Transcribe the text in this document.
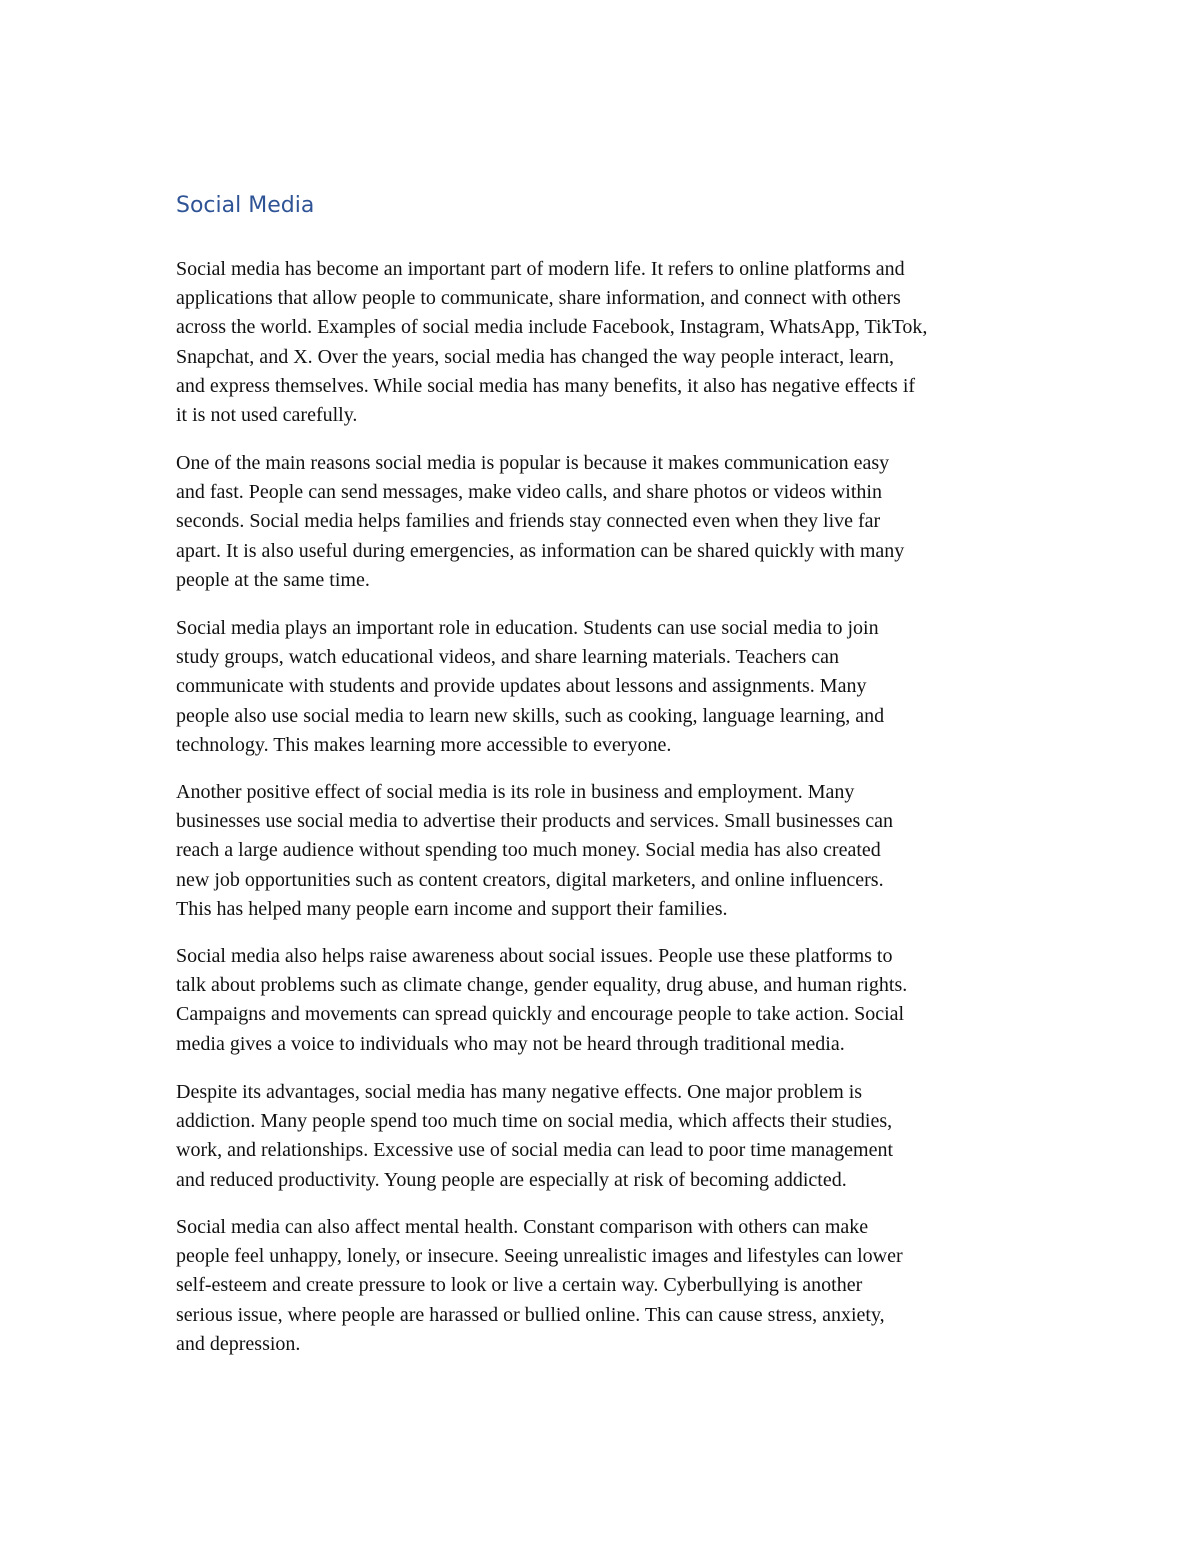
Social Media

Social media has become an important part of modern life. It refers to online platforms and
applications that allow people to communicate, share information, and connect with others
across the world. Examples of social media include Facebook, Instagram, WhatsApp, TikTok,
Snapchat, and X. Over the years, social media has changed the way people interact, learn,
and express themselves. While social media has many benefits, it also has negative effects if
it is not used carefully.

One of the main reasons social media is popular is because it makes communication easy
and fast. People can send messages, make video calls, and share photos or videos within
seconds. Social media helps families and friends stay connected even when they live far
apart. It is also useful during emergencies, as information can be shared quickly with many
people at the same time.

Social media plays an important role in education. Students can use social media to join
study groups, watch educational videos, and share learning materials. Teachers can
communicate with students and provide updates about lessons and assignments. Many
people also use social media to learn new skills, such as cooking, language learning, and
technology. This makes learning more accessible to everyone.

Another positive effect of social media is its role in business and employment. Many
businesses use social media to advertise their products and services. Small businesses can
reach a large audience without spending too much money. Social media has also created
new job opportunities such as content creators, digital marketers, and online influencers.
This has helped many people earn income and support their families.

Social media also helps raise awareness about social issues. People use these platforms to
talk about problems such as climate change, gender equality, drug abuse, and human rights.
Campaigns and movements can spread quickly and encourage people to take action. Social
media gives a voice to individuals who may not be heard through traditional media.

Despite its advantages, social media has many negative effects. One major problem is
addiction. Many people spend too much time on social media, which affects their studies,
work, and relationships. Excessive use of social media can lead to poor time management
and reduced productivity. Young people are especially at risk of becoming addicted.

Social media can also affect mental health. Constant comparison with others can make
people feel unhappy, lonely, or insecure. Seeing unrealistic images and lifestyles can lower
self-esteem and create pressure to look or live a certain way. Cyberbullying is another
serious issue, where people are harassed or bullied online. This can cause stress, anxiety,
and depression.
